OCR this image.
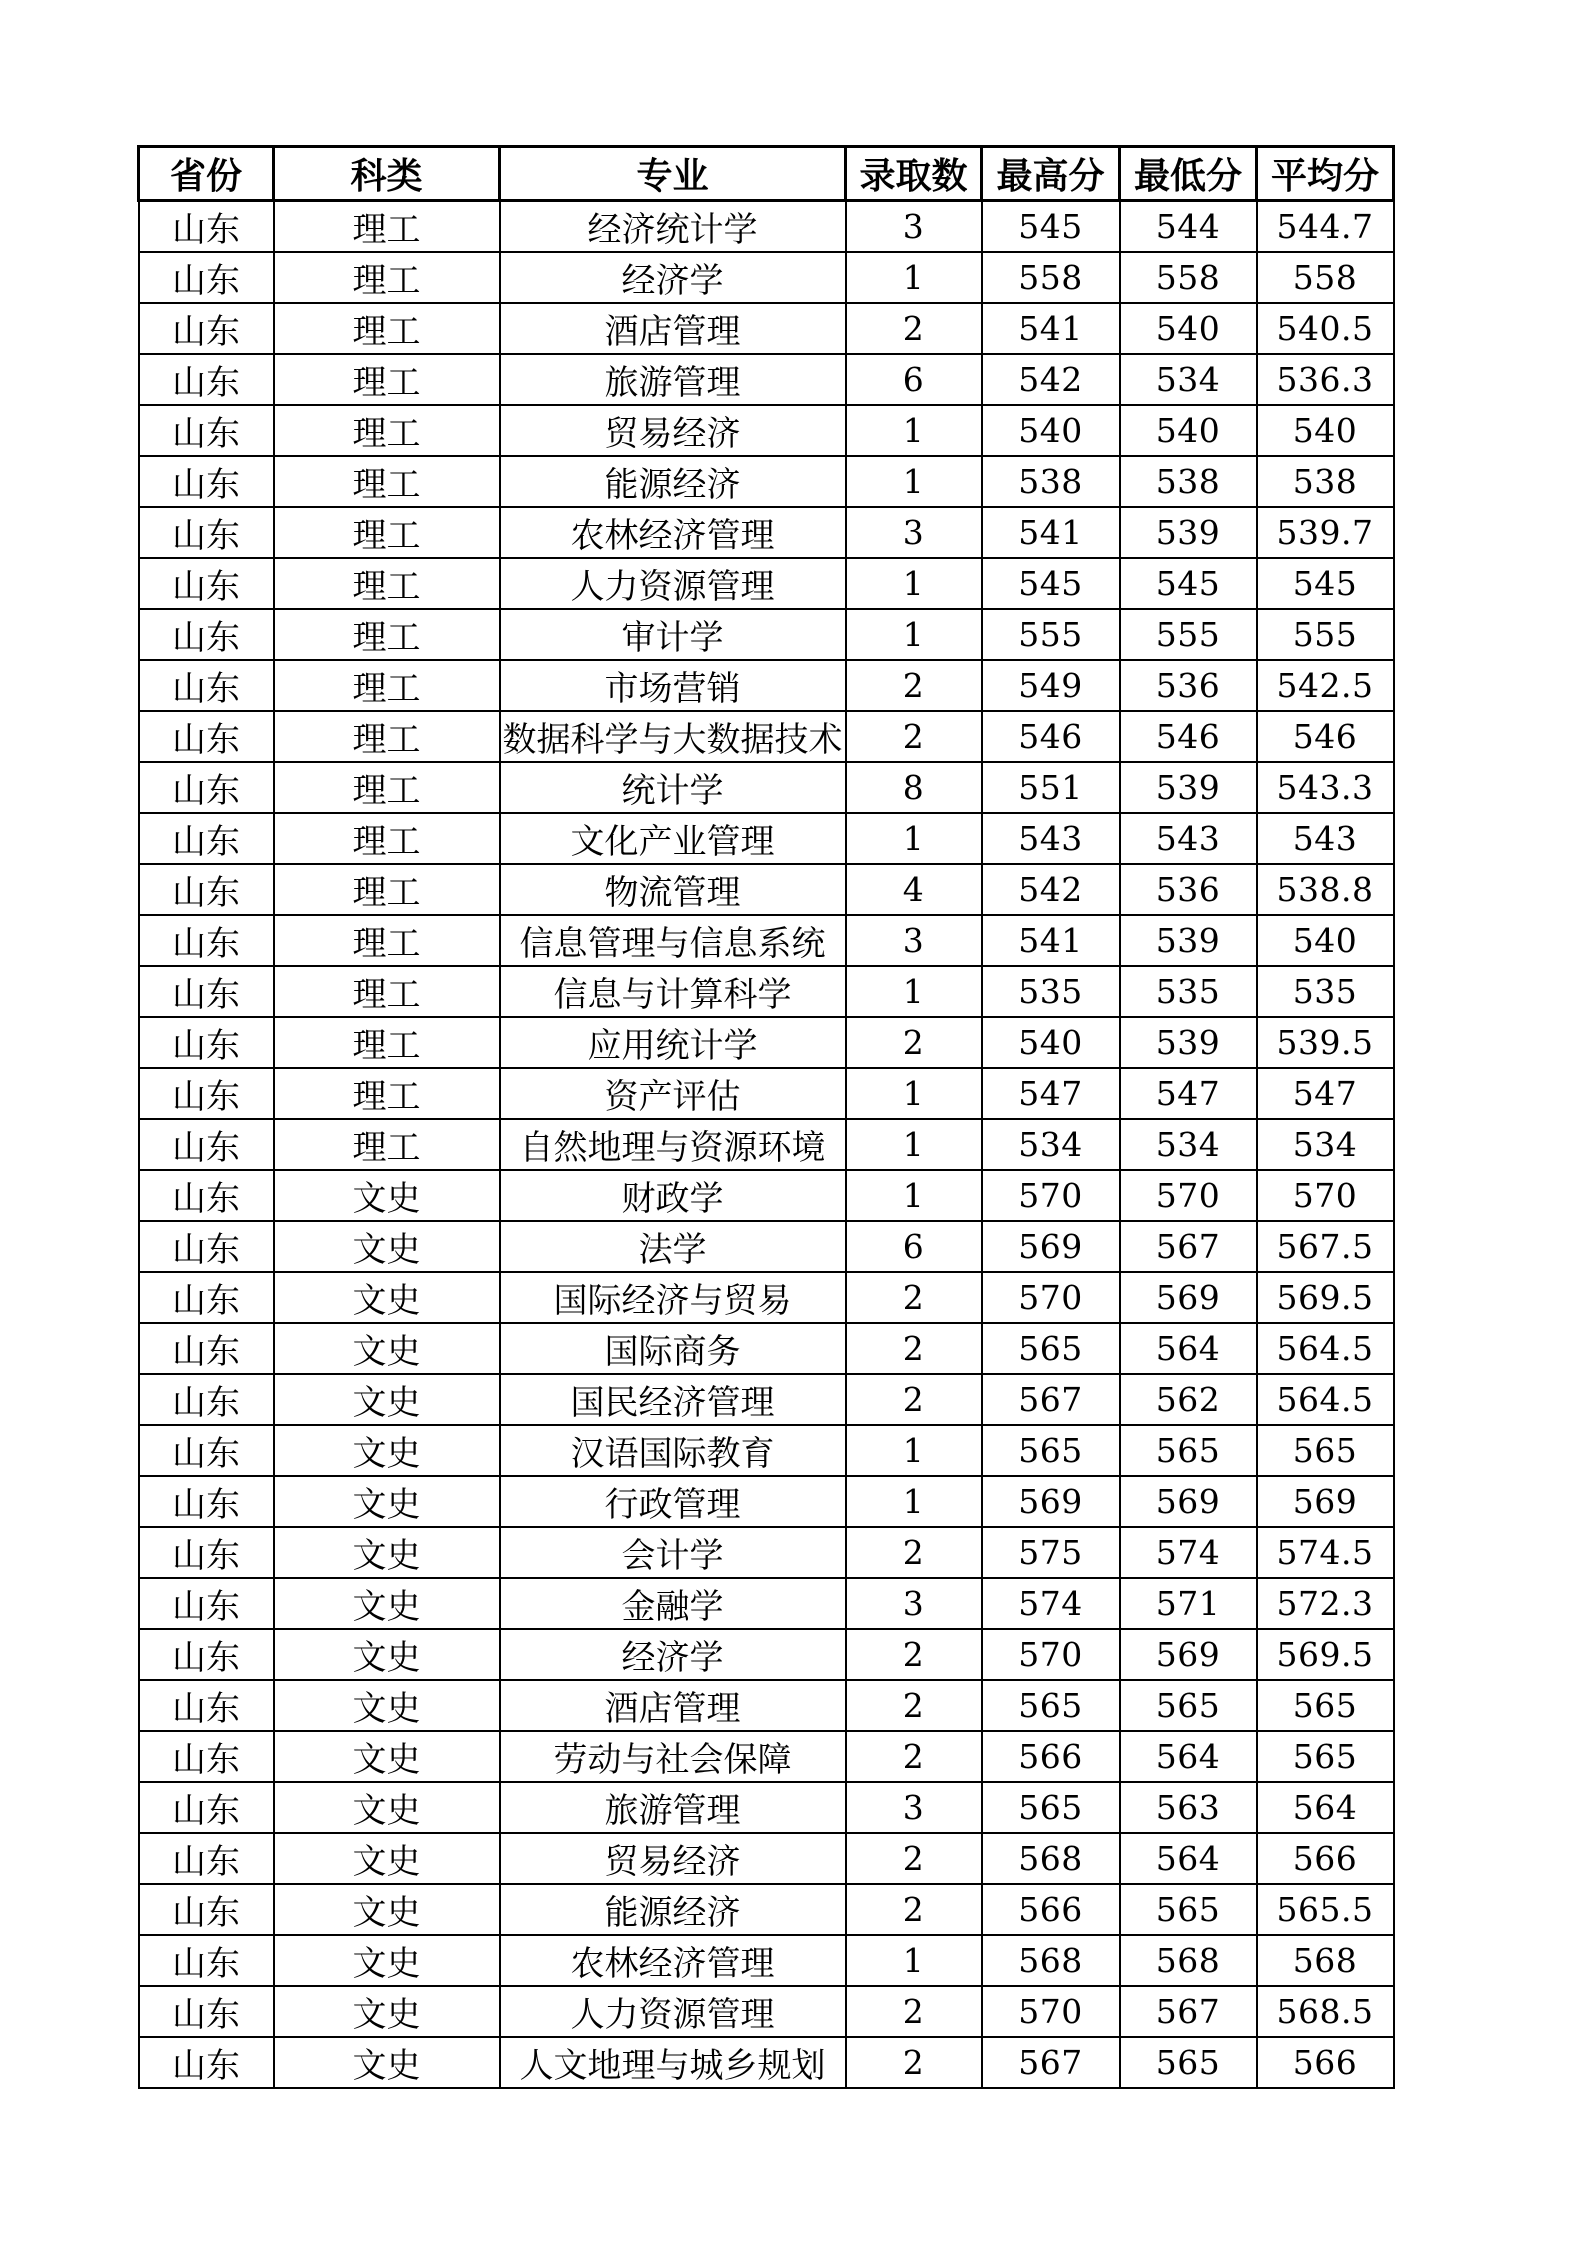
省份	科类	专业	录取数	最高分	最低分	平均分
山东	理工	经济统计学	3	545	544	544.7
山东	理工	经济学	1	558	558	558
山东	理工	酒店管理	2	541	540	540.5
山东	理工	旅游管理	6	542	534	536.3
山东	理工	贸易经济	1	540	540	540
山东	理工	能源经济	1	538	538	538
山东	理工	农林经济管理	3	541	539	539.7
山东	理工	人力资源管理	1	545	545	545
山东	理工	审计学	1	555	555	555
山东	理工	市场营销	2	549	536	542.5
山东	理工	数据科学与大数据技术	2	546	546	546
山东	理工	统计学	8	551	539	543.3
山东	理工	文化产业管理	1	543	543	543
山东	理工	物流管理	4	542	536	538.8
山东	理工	信息管理与信息系统	3	541	539	540
山东	理工	信息与计算科学	1	535	535	535
山东	理工	应用统计学	2	540	539	539.5
山东	理工	资产评估	1	547	547	547
山东	理工	自然地理与资源环境	1	534	534	534
山东	文史	财政学	1	570	570	570
山东	文史	法学	6	569	567	567.5
山东	文史	国际经济与贸易	2	570	569	569.5
山东	文史	国际商务	2	565	564	564.5
山东	文史	国民经济管理	2	567	562	564.5
山东	文史	汉语国际教育	1	565	565	565
山东	文史	行政管理	1	569	569	569
山东	文史	会计学	2	575	574	574.5
山东	文史	金融学	3	574	571	572.3
山东	文史	经济学	2	570	569	569.5
山东	文史	酒店管理	2	565	565	565
山东	文史	劳动与社会保障	2	566	564	565
山东	文史	旅游管理	3	565	563	564
山东	文史	贸易经济	2	568	564	566
山东	文史	能源经济	2	566	565	565.5
山东	文史	农林经济管理	1	568	568	568
山东	文史	人力资源管理	2	570	567	568.5
山东	文史	人文地理与城乡规划	2	567	565	566
